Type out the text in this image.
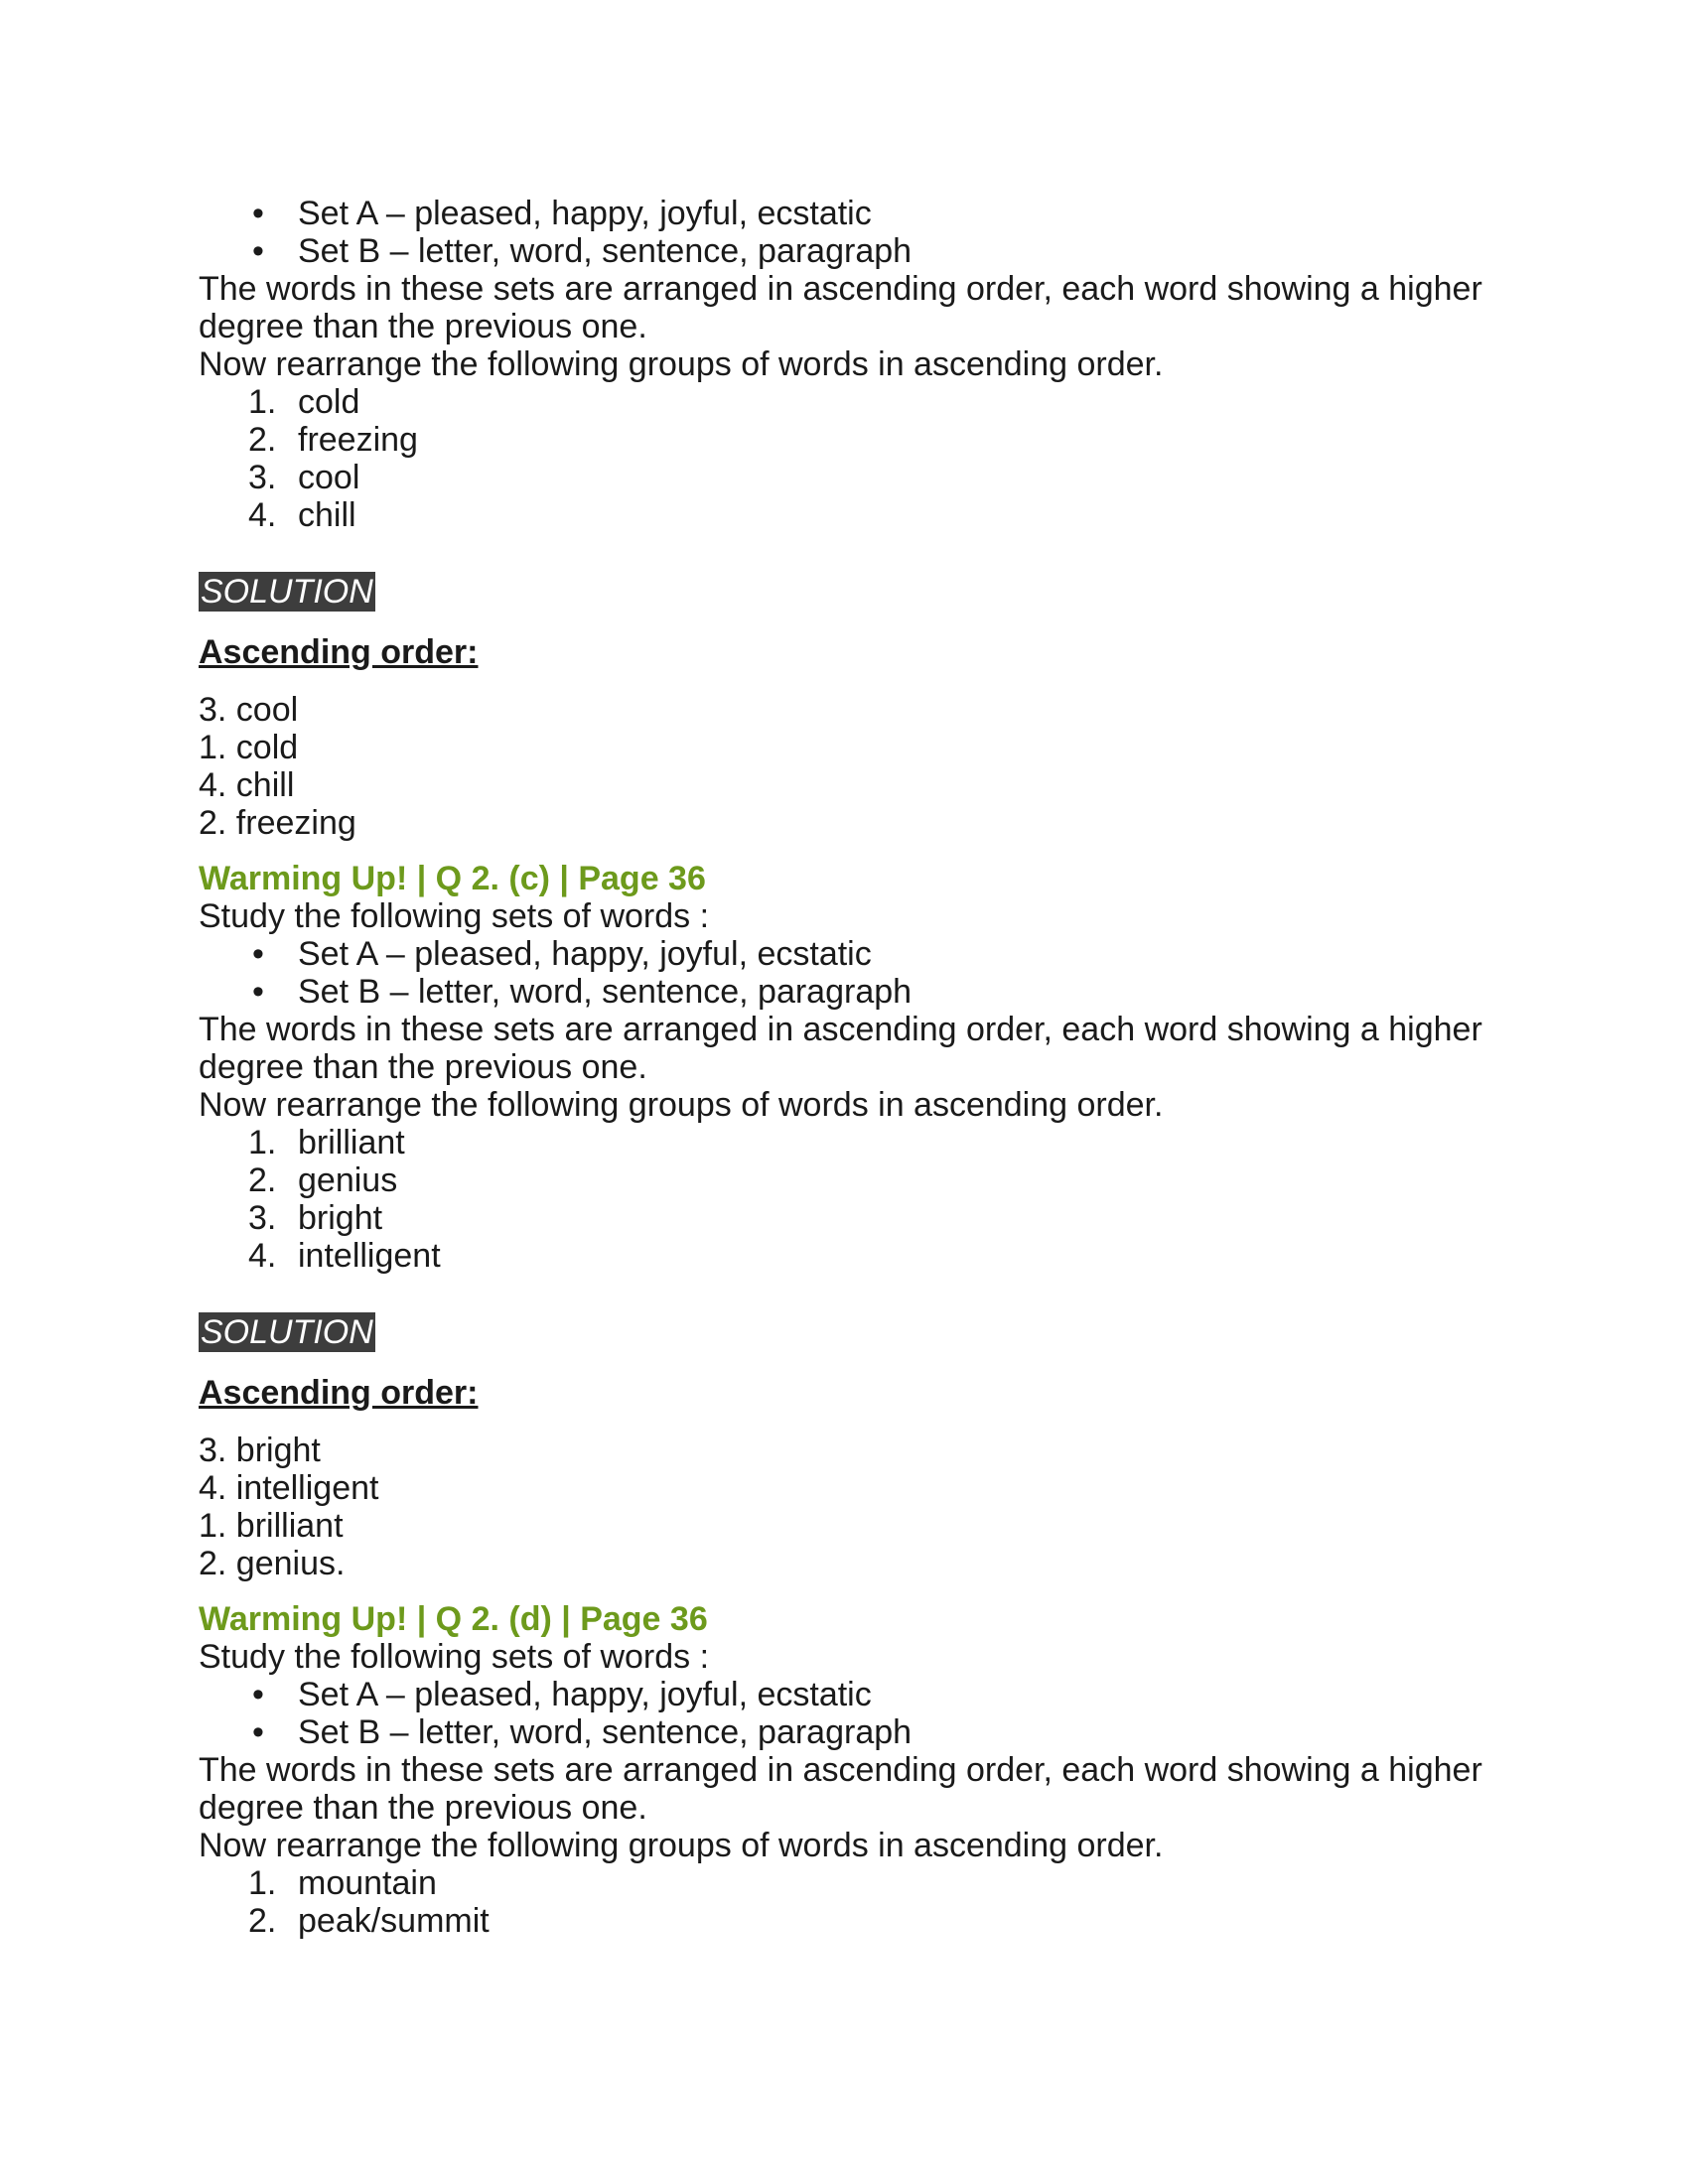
• Set A – pleased, happy, joyful, ecstatic
• Set B – letter, word, sentence, paragraph

The words in these sets are arranged in ascending order, each word showing a higher degree than the previous one.

Now rearrange the following groups of words in ascending order.

1. cold
2. freezing
3. cool
4. chill
SOLUTION
Ascending order:
3. cool
1. cold
4. chill
2. freezing
Warming Up! | Q 2. (c) | Page 36

Study the following sets of words :

• Set A – pleased, happy, joyful, ecstatic
• Set B – letter, word, sentence, paragraph

The words in these sets are arranged in ascending order, each word showing a higher degree than the previous one.

Now rearrange the following groups of words in ascending order.

1. brilliant
2. genius
3. bright
4. intelligent
SOLUTION
Ascending order:
3. bright
4. intelligent
1. brilliant
2. genius.
Warming Up! | Q 2. (d) | Page 36

Study the following sets of words :

• Set A – pleased, happy, joyful, ecstatic
• Set B – letter, word, sentence, paragraph

The words in these sets are arranged in ascending order, each word showing a higher degree than the previous one.

Now rearrange the following groups of words in ascending order.

1. mountain
2. peak/summit
